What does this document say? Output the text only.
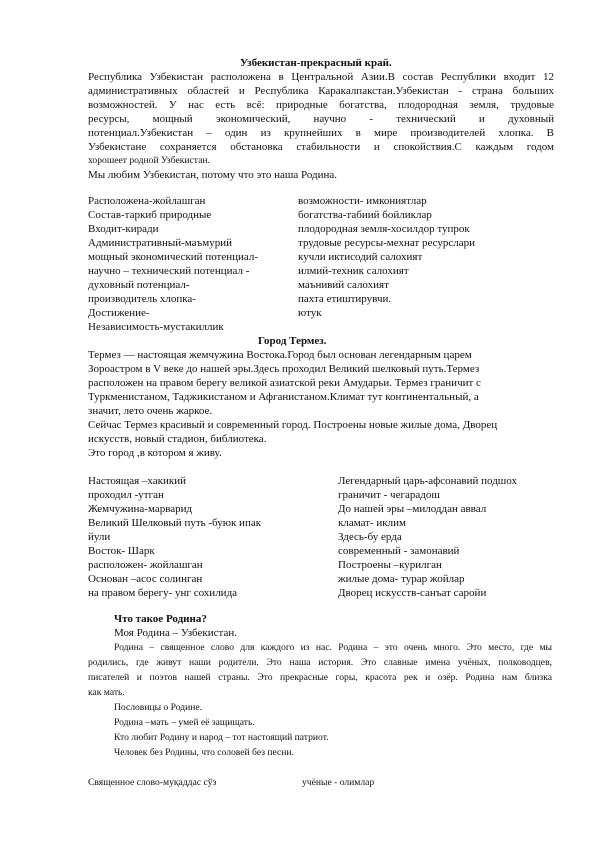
Узбекистан-прекрасный край.
Республика Узбекистан расположена в Центральной Азии.В состав Республики входит 12
административных областей и Республика Каракалпакстан.Узбекистан - страна больших
возможностей. У нас есть всё: природные богатства, плодородная земля, трудовые
ресурсы, мощный экономический, научно - технический и духовный
потенциал.Узбекистан – один из крупнейших в мире производителей хлопка. В
Узбекистане сохраняется обстановка стабильности и спокойствия.С каждым годом
хорошеет родной Узбекистан.
Мы любим Узбекистан, потому что это наша Родина.
Расположена-жойлашган
Состав-таркиб природные
Входит-киради
Административный-маъмурий
мощный экономический потенциал-
научно – технический потенциал -
духовный потенциал-
производитель хлопка-
Достижение-
Независимость-мустакиллик
возможности- имкониятлар
богатства-табиий бойликлар
плодородная земля-хосилдор тупрок
трудовые ресурсы-мехнат ресурслари
кучли иктисодий салохият
илмий-техник салохият
маънивий салохият
пахта етиштирувчи.
ютук
Город Термез.
Термез — настоящая жемчужина Востока.Город был основан легендарным царем
Зороастром в V веке до нашей эры.Здесь проходил Великий шелковый путь.Термез
расположен на правом берегу великой азиатской реки Амударьи. Термез граничит с
Туркменистаном, Таджикистаном и Афганистаном.Климат тут континентальный, а
значит, лето очень жаркое.
Сейчас Термез красивый и современный город. Построены новые жилые дома, Дворец
искусств, новый стадион, библиотека.
Это город ,в котором я живу.
Настоящая –хакикий
проходил -утган
Жемчужина-марварид
Великий Шелковый путь -буюк ипак
йули
Восток- Шарк
расположен- жойлашган
Основан –асос солинган
на правом берегу- унг сохилида
Легендарный царь-афсонавий подшох
граничит - чегарадош
До нашей эры –милоддан аввал
кламат- иклим
Здесь-бу ерда
современный - замонавий
Построены –курилган
жилые дома- турар жойлар
Дворец искусств-санъат саройи
Что такое Родина?
Моя Родина – Узбекистан.
Родина – священное слово для каждого из нас. Родина – это очень много. Это место, где мы
родились, где живут наши родители. Это наша история. Это славные имена учёных, полководцев,
писателей и поэтов нашей страны. Это прекрасные горы, красота рек и озёр. Родина нам близка
как мать.
Пословицы о Родине.
Родина –мать – умей её защищать.
Кто любит Родину и народ – тот настоящий патриот.
Человек без Родины, что соловей без песни.
Священное слово-муқаддас сўз	учёные - олимлар
